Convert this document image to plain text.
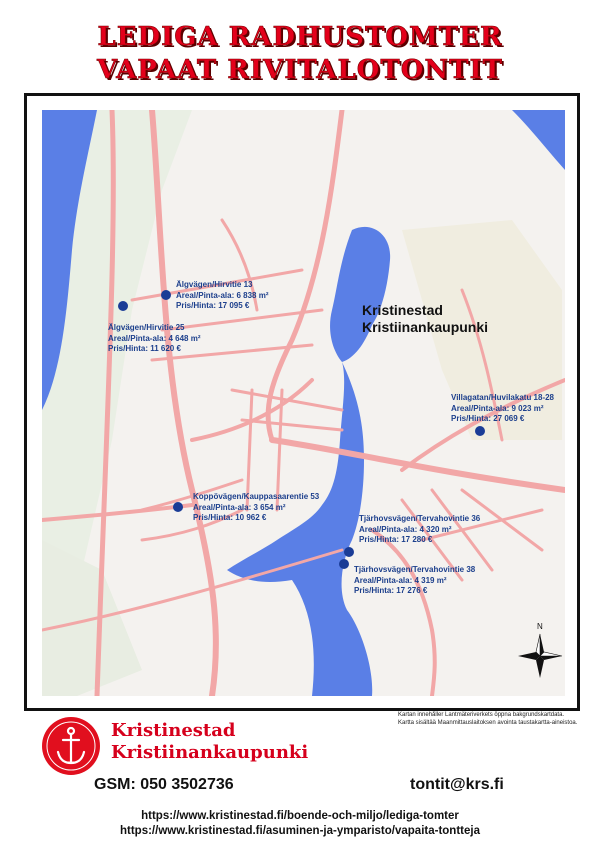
LEDIGA RADHUSTOMTER
VAPAAT RIVITALOTONTIT
N
Kristinestad
Kristiinankaupunki
Älgvägen/Hirvitie 13
Areal/Pinta-ala: 6 838 m²
Pris/Hinta: 17 095 €
Älgvägen/Hirvitie 25
Areal/Pinta-ala: 4 648 m²
Pris/Hinta: 11 620 €
Villagatan/Huvilakatu 18-28
Areal/Pinta-ala: 9 023 m²
Pris/Hinta: 27 069 €
Koppövägen/Kauppasaarentie 53
Areal/Pinta-ala: 3 654 m²
Pris/Hinta: 10 962 €	Tjärhovsvägen/Tervahovintie 36
Areal/Pinta-ala: 4 320 m²
Pris/Hinta: 17 280 €
Tjärhovsvägen/Tervahovintie 38
Areal/Pinta-ala: 4 319 m²
Pris/Hinta: 17 276 €
Kartan innehåller Lantmäteriverkets öppna bakgrundskartdata.
Kartta sisältää Maanmittauslaitoksen avointa taustakartta-aineistoa.
Kristinestad
Kristiinankaupunki
GSM: 050 3502736	tontit@krs.fi
https://www.kristinestad.fi/boende-och-miljo/lediga-tomter
https://www.kristinestad.fi/asuminen-ja-ymparisto/vapaita-tontteja
